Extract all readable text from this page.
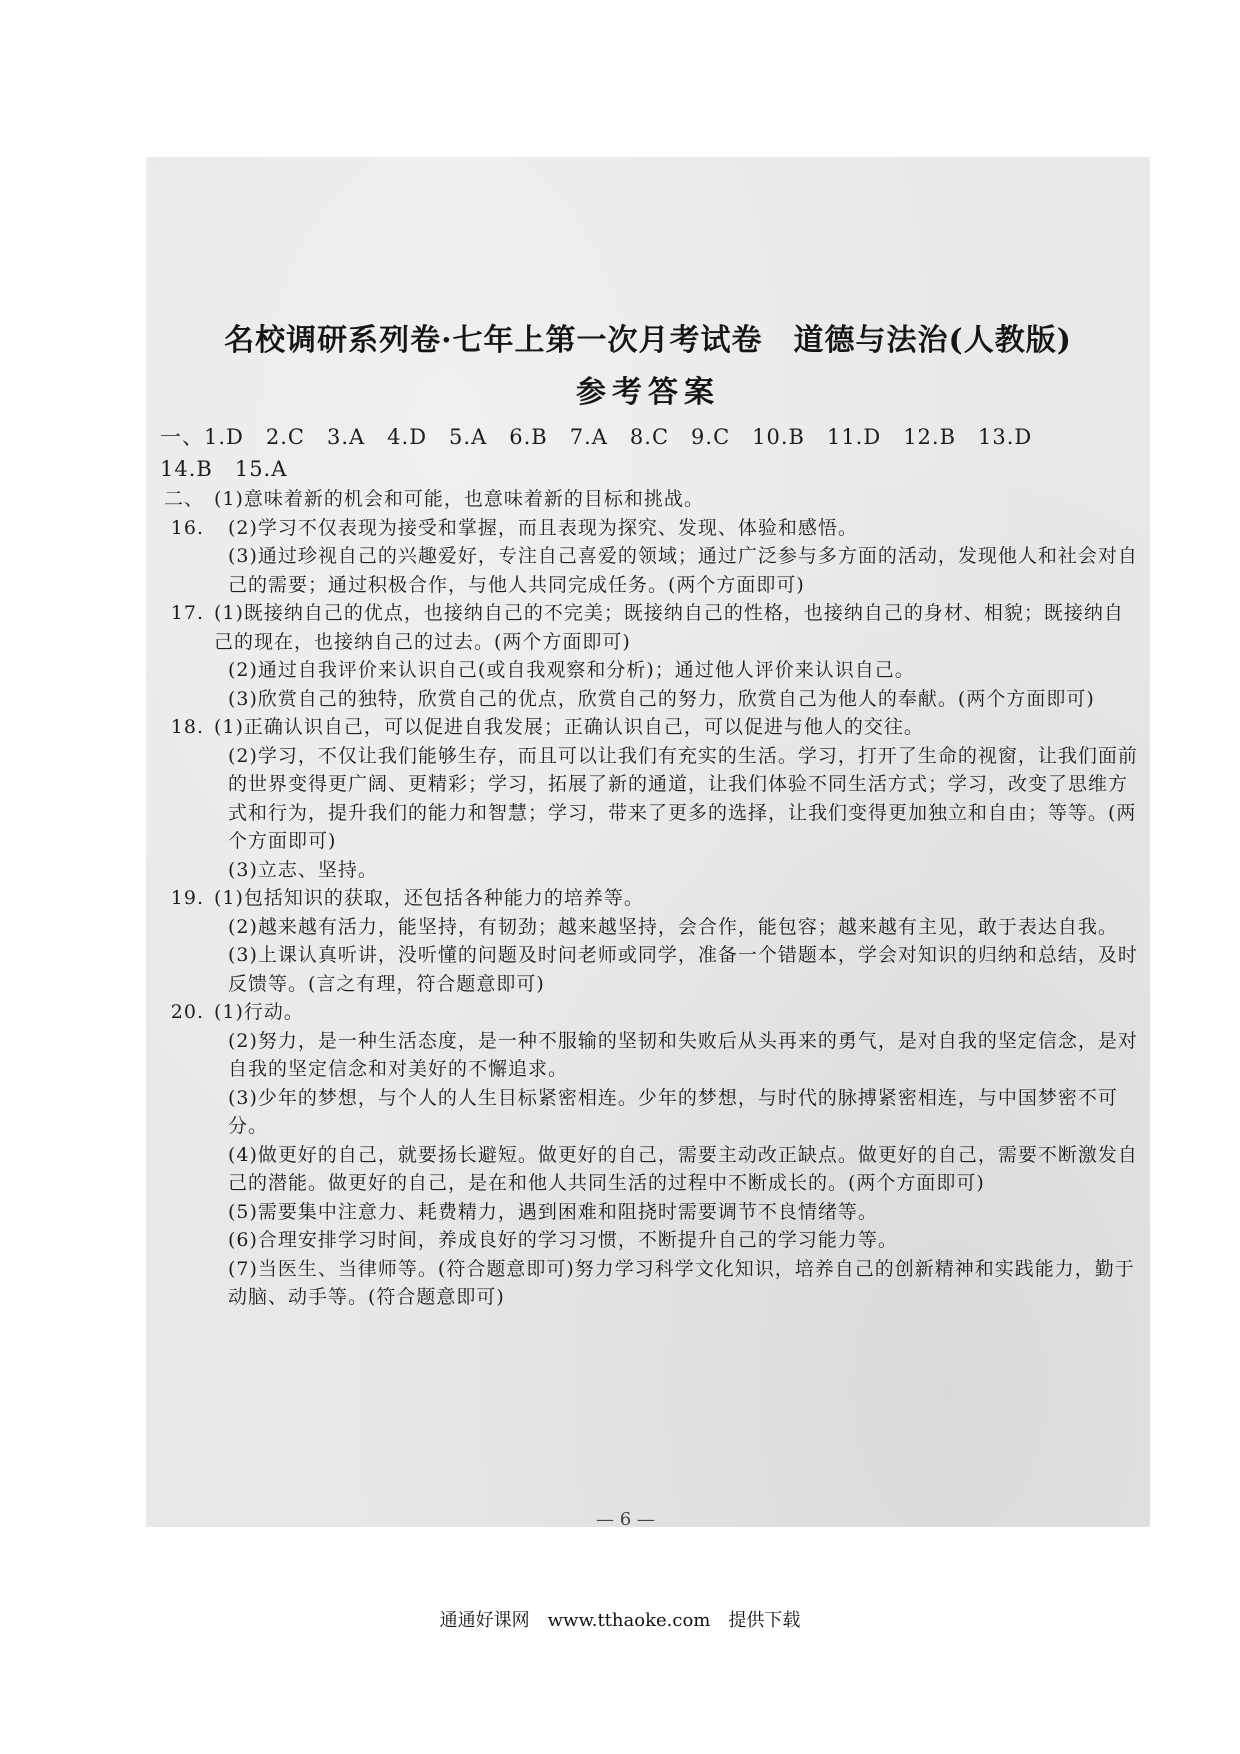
名校调研系列卷·七年上第一次月考试卷　道德与法治(人教版)
参考答案
一、1.D　2.C　3.A　4.D　5.A　6.B　7.A　8.C　9.C　10.B　11.D　12.B　13.D
14.B　15.A
二、16.
(1)意味着新的机会和可能，也意味着新的目标和挑战。
(2)学习不仅表现为接受和掌握，而且表现为探究、发现、体验和感悟。
(3)通过珍视自己的兴趣爱好，专注自己喜爱的领域；通过广泛参与多方面的活动，发现他人和社会对自己的需要；通过积极合作，与他人共同完成任务。(两个方面即可)
17. (1)既接纳自己的优点，也接纳自己的不完美；既接纳自己的性格，也接纳自己的身材、相貌；既接纳自己的现在，也接纳自己的过去。(两个方面即可)
(2)通过自我评价来认识自己(或自我观察和分析)；通过他人评价来认识自己。
(3)欣赏自己的独特，欣赏自己的优点，欣赏自己的努力，欣赏自己为他人的奉献。(两个方面即可)
18. (1)正确认识自己，可以促进自我发展；正确认识自己，可以促进与他人的交往。
(2)学习，不仅让我们能够生存，而且可以让我们有充实的生活。学习，打开了生命的视窗，让我们面前的世界变得更广阔、更精彩；学习，拓展了新的通道，让我们体验不同生活方式；学习，改变了思维方式和行为，提升我们的能力和智慧；学习，带来了更多的选择，让我们变得更加独立和自由；等等。(两个方面即可)
(3)立志、坚持。
19. (1)包括知识的获取，还包括各种能力的培养等。
(2)越来越有活力，能坚持，有韧劲；越来越坚持，会合作，能包容；越来越有主见，敢于表达自我。
(3)上课认真听讲，没听懂的问题及时问老师或同学，准备一个错题本，学会对知识的归纳和总结，及时反馈等。(言之有理，符合题意即可)
20. (1)行动。
(2)努力，是一种生活态度，是一种不服输的坚韧和失败后从头再来的勇气，是对自我的坚定信念，是对自我的坚定信念和对美好的不懈追求。
(3)少年的梦想，与个人的人生目标紧密相连。少年的梦想，与时代的脉搏紧密相连，与中国梦密不可分。
(4)做更好的自己，就要扬长避短。做更好的自己，需要主动改正缺点。做更好的自己，需要不断激发自己的潜能。做更好的自己，是在和他人共同生活的过程中不断成长的。(两个方面即可)
(5)需要集中注意力、耗费精力，遇到困难和阻挠时需要调节不良情绪等。
(6)合理安排学习时间，养成良好的学习习惯，不断提升自己的学习能力等。
(7)当医生、当律师等。(符合题意即可)努力学习科学文化知识，培养自己的创新精神和实践能力，勤于动脑、动手等。(符合题意即可)
— 6 —
通通好课网　www.tthaoke.com　提供下载
